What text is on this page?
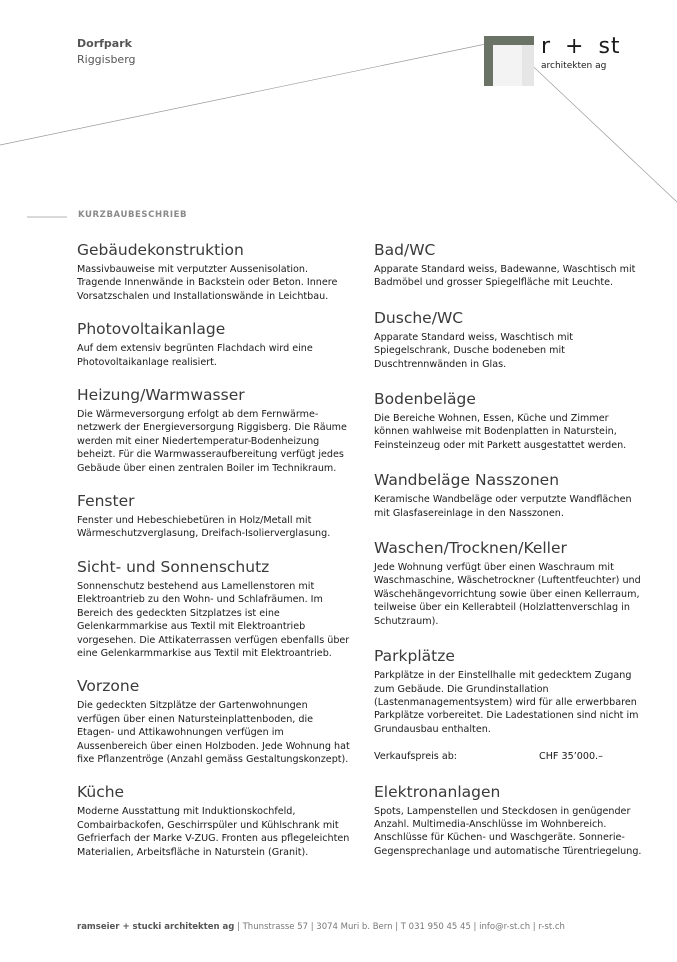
Dorfpark
Riggisberg
r + st
architekten ag
KURZBAUBESCHRIEB
Gebäudekonstruktion

Massivbauweise mit verputzter Aussenisolation. Tragende Innenwände in Backstein oder Beton. Innere Vorsatzschalen und Installationswände in Leichtbau.

Photovoltaikanlage

Auf dem extensiv begrünten Flachdach wird eine Photovoltaikanlage realisiert.

Heizung/Warmwasser

Die Wärmeversorgung erfolgt ab dem Fernwärme-netzwerk der Energieversorgung Riggisberg. Die Räume werden mit einer Niedertemperatur-Bodenheizung beheizt. Für die Warmwasseraufbereitung verfügt jedes Gebäude über einen zentralen Boiler im Technikraum.

Fenster

Fenster und Hebeschiebetüren in Holz/Metall mit Wärmeschutzverglasung, Dreifach-Isolierverglasung.

Sicht- und Sonnenschutz

Sonnenschutz bestehend aus Lamellenstoren mit Elektroantrieb zu den Wohn- und Schlafräumen. Im Bereich des gedeckten Sitzplatzes ist eine Gelenkarmmarkise aus Textil mit Elektroantrieb vorgesehen. Die Attikaterrassen verfügen ebenfalls über eine Gelenkarmmarkise aus Textil mit Elektroantrieb.

Vorzone

Die gedeckten Sitzplätze der Gartenwohnungen verfügen über einen Natursteinplattenboden, die Etagen- und Attikawohnungen verfügen im Aussenbereich über einen Holzboden. Jede Wohnung hat fixe Pflanzentröge (Anzahl gemäss Gestaltungskonzept).

Küche

Moderne Ausstattung mit Induktionskochfeld, Combairbackofen, Geschirrspüler und Kühlschrank mit Gefrierfach der Marke V-ZUG. Fronten aus pflegeleichten Materialien, Arbeitsfläche in Naturstein (Granit).

Bad/WC

Apparate Standard weiss, Badewanne, Waschtisch mit Badmöbel und grosser Spiegelfläche mit Leuchte.

Dusche/WC

Apparate Standard weiss, Waschtisch mit Spiegelschrank, Dusche bodeneben mit Duschtrennwänden in Glas.

Bodenbeläge

Die Bereiche Wohnen, Essen, Küche und Zimmer können wahlweise mit Bodenplatten in Naturstein, Feinsteinzeug oder mit Parkett ausgestattet werden.

Wandbeläge Nasszonen

Keramische Wandbeläge oder verputzte Wandflächen mit Glasfasereinlage in den Nasszonen.

Waschen/Trocknen/Keller

Jede Wohnung verfügt über einen Waschraum mit Waschmaschine, Wäschetrockner (Luftentfeuchter) und Wäschehängevorrichtung sowie über einen Kellerraum, teilweise über ein Kellerabteil (Holzlattenverschlag in Schutzraum).

Parkplätze

Parkplätze in der Einstellhalle mit gedecktem Zugang zum Gebäude. Die Grundinstallation (Lastenmanagementsystem) wird für alle erwerbbaren Parkplätze vorbereitet. Die Ladestationen sind nicht im Grundausbau enthalten.

Verkaufspreis ab:	CHF 35’000.–
Elektronanlagen

Spots, Lampenstellen und Steckdosen in genügender Anzahl. Multimedia-Anschlüsse im Wohnbereich. Anschlüsse für Küchen- und Waschgeräte. Sonnerie-Gegensprechanlage und automatische Türentriegelung.

ramseier + stucki architekten ag | Thunstrasse 57 | 3074 Muri b. Bern | T 031 950 45 45 | info@r-st.ch | r-st.ch
